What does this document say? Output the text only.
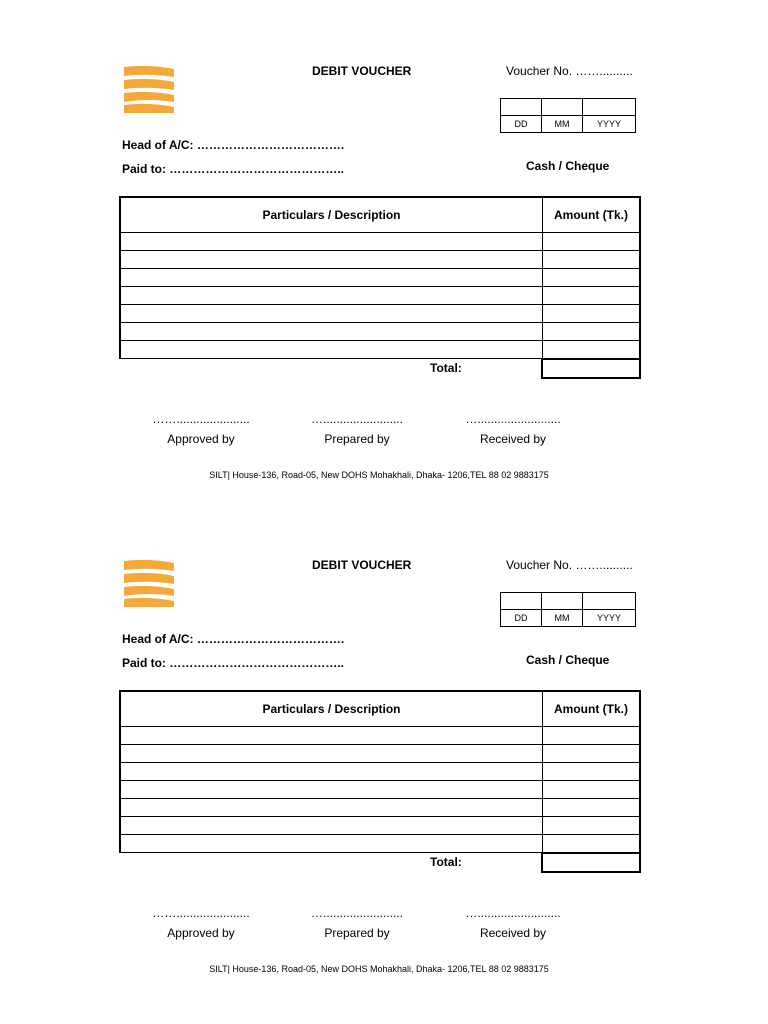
DEBIT VOUCHER	Voucher No. ……..........

DD	MM	YYYY
Head of A/C: ……………………………….
Paid to: ……………………………………..	Cash / Cheque
Particulars / Description	Amount (Tk.)

Total:
……......................
Approved by
…........................
Prepared by
….........................
Received by
SILT| House-136, Road-05, New DOHS Mohakhali, Dhaka- 1206,TEL 88 02 9883175
DEBIT VOUCHER	Voucher No. ……..........

DD	MM	YYYY
Head of A/C: ……………………………….
Paid to: ……………………………………..	Cash / Cheque
Particulars / Description	Amount (Tk.)

Total:
……......................
Approved by
…........................
Prepared by
….........................
Received by
SILT| House-136, Road-05, New DOHS Mohakhali, Dhaka- 1206,TEL 88 02 9883175
